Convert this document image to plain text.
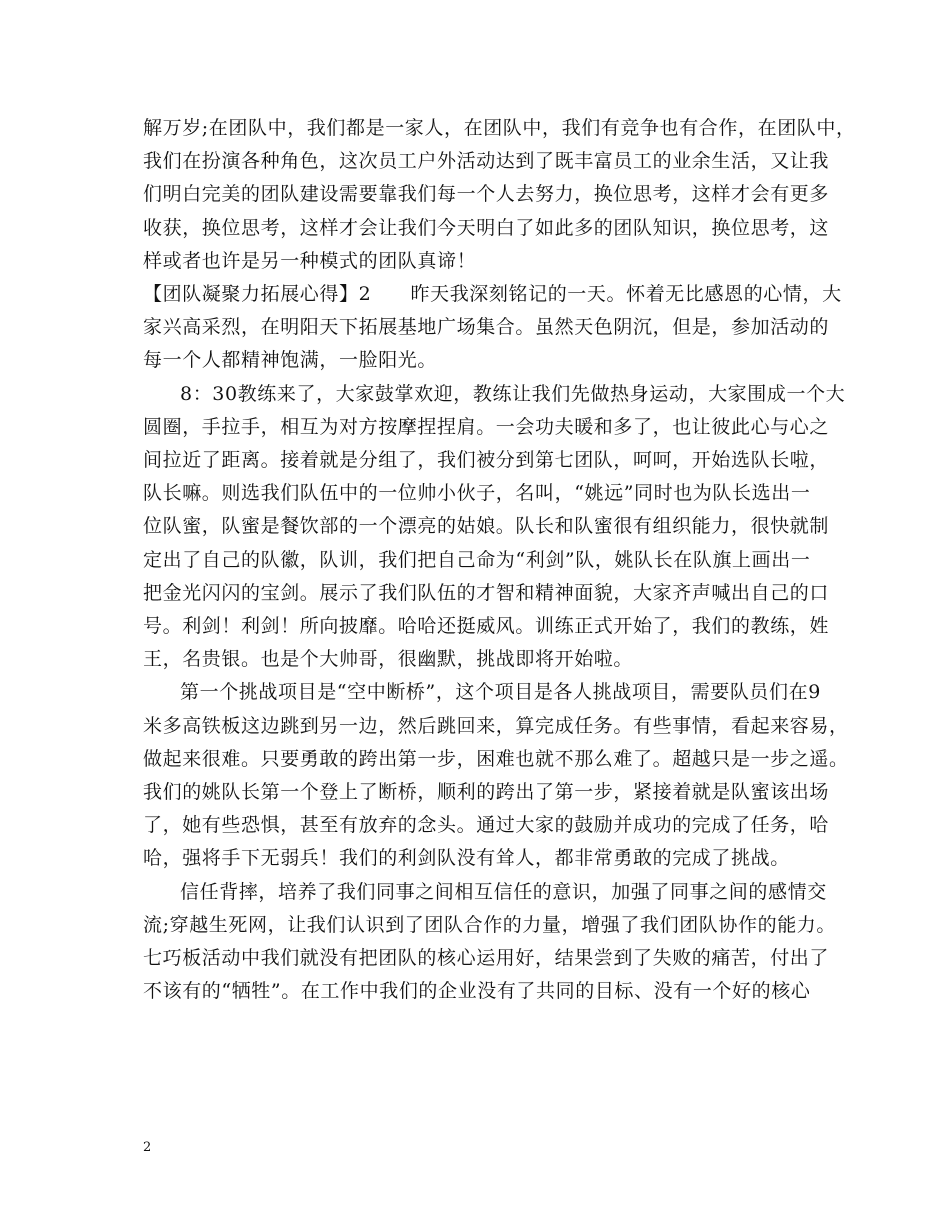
解万岁;在团队中，我们都是一家人，在团队中，我们有竞争也有合作，在团队中，
我们在扮演各种角色，这次员工户外活动达到了既丰富员工的业余生活，又让我
们明白完美的团队建设需要靠我们每一个人去努力，换位思考，这样才会有更多
收获，换位思考，这样才会让我们今天明白了如此多的团队知识，换位思考，这
样或者也许是另一种模式的团队真谛！
【团队凝聚力拓展心得】2　　昨天我深刻铭记的一天。怀着无比感恩的心情，大
家兴高采烈，在明阳天下拓展基地广场集合。虽然天色阴沉，但是，参加活动的
每一个人都精神饱满，一脸阳光。
8：30教练来了，大家鼓掌欢迎，教练让我们先做热身运动，大家围成一个大
圆圈，手拉手，相互为对方按摩捏捏肩。一会功夫暖和多了，也让彼此心与心之
间拉近了距离。接着就是分组了，我们被分到第七团队，呵呵，开始选队长啦，
队长嘛。则选我们队伍中的一位帅小伙子，名叫，“姚远”同时也为队长选出一
位队蜜，队蜜是餐饮部的一个漂亮的姑娘。队长和队蜜很有组织能力，很快就制
定出了自己的队徽，队训，我们把自己命为“利剑”队，姚队长在队旗上画出一
把金光闪闪的宝剑。展示了我们队伍的才智和精神面貌，大家齐声喊出自己的口
号。利剑！利剑！所向披靡。哈哈还挺威风。训练正式开始了，我们的教练，姓
王，名贵银。也是个大帅哥，很幽默，挑战即将开始啦。
第一个挑战项目是“空中断桥”，这个项目是各人挑战项目，需要队员们在9
米多高铁板这边跳到另一边，然后跳回来，算完成任务。有些事情，看起来容易，
做起来很难。只要勇敢的跨出第一步，困难也就不那么难了。超越只是一步之遥。
我们的姚队长第一个登上了断桥，顺利的跨出了第一步，紧接着就是队蜜该出场
了，她有些恐惧，甚至有放弃的念头。通过大家的鼓励并成功的完成了任务，哈
哈，强将手下无弱兵！我们的利剑队没有耸人，都非常勇敢的完成了挑战。
信任背摔，培养了我们同事之间相互信任的意识，加强了同事之间的感情交
流;穿越生死网，让我们认识到了团队合作的力量，增强了我们团队协作的能力。
七巧板活动中我们就没有把团队的核心运用好，结果尝到了失败的痛苦，付出了
不该有的“牺牲”。在工作中我们的企业没有了共同的目标、没有一个好的核心
2
